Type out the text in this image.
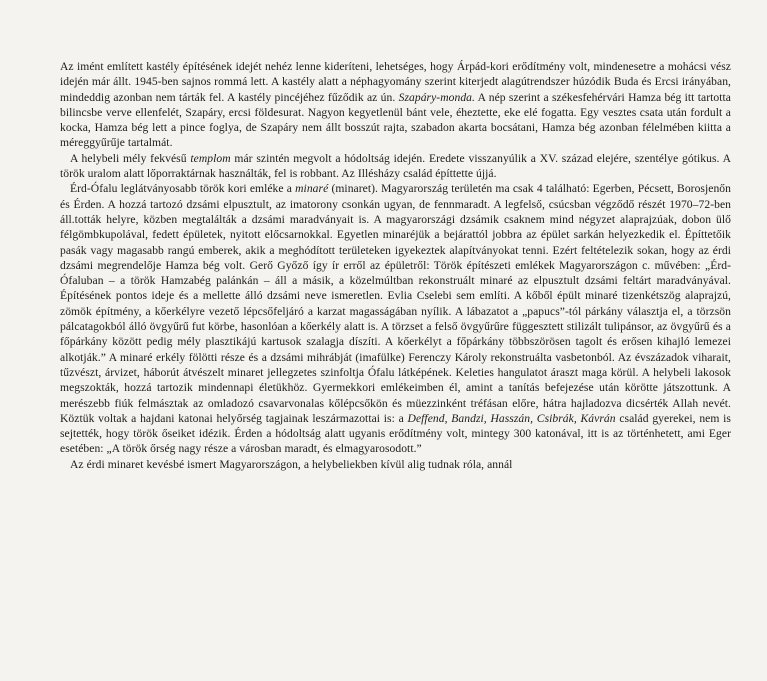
Az imént említett kastély építésének idejét nehéz lenne kideríteni, lehetséges, hogy Árpád-kori erődítmény volt, mindenesetre a mohácsi vész idején már állt. 1945-ben sajnos rommá lett. A kastély alatt a néphagyomány szerint kiterjedt alagútrendszer húzódik Buda és Ercsi irányában, mindeddig azonban nem tárták fel. A kastély pincéjéhez fűződik az ún. Szapáry-monda. A nép szerint a székesfehérvári Hamza bég itt tartotta bilincsbe verve ellenfelét, Szapáry, ercsi földesurat. Nagyon kegyetlenül bánt vele, éheztette, eke elé fogatta. Egy vesztes csata után fordult a kocka, Hamza bég lett a pince foglya, de Szapáry nem állt bosszút rajta, szabadon akarta bocsátani, Hamza bég azonban félelmében kiitta a méreggyűrűje tartalmát.

A helybeli mély fekvésű templom már szintén megvolt a hódoltság idején. Eredete visszanyúlik a XV. század elejére, szentélye gótikus. A török uralom alatt lőporraktárnak használták, fel is robbant. Az Illésházy család építtette újjá.

Érd-Ófalu leglátványosabb török kori emléke a minaré (minaret). Magyarország területén ma csak 4 található: Egerben, Pécsett, Borosjenőn és Érden. A hozzá tartozó dzsámi elpusztult, az imatorony csonkán ugyan, de fennmaradt. A legfelső, csúcsban végződő részét 1970–72-ben áll.tották helyre, közben megtalálták a dzsámi maradványait is. A magyarországi dzsámik csaknem mind négyzet alaprajzúak, dobon ülő félgömbkupolával, fedett épületek, nyitott előcsarnokkal. Egyetlen minaréjük a bejárattól jobbra az épület sarkán helyezkedik el. Építtetőik pasák vagy magasabb rangú emberek, akik a meghódított területeken igyekeztek alapítványokat tenni. Ezért feltételezik sokan, hogy az érdi dzsámi megrendelője Hamza bég volt. Gerő Győző így ír erről az épületről: Török építészeti emlékek Magyarországon c. művében: „Érd-Ófaluban – a török Hamzabég palánkán – áll a másik, a közelmúltban rekonstruált minaré az elpusztult dzsámi feltárt maradványával. Építésének pontos ideje és a mellette álló dzsámi neve ismeretlen. Evlia Cselebi sem említi. A kőből épült minaré tizenkétszög alaprajzú, zömök építmény, a kőerkélyre vezető lépcsőfeljáró a karzat magasságában nyílik. A lábazatot a „papucs”-tól párkány választja el, a törzsön pálcatagokból álló övgyűrű fut körbe, hasonlóan a kőerkély alatt is. A törzset a felső övgyűrűre függesztett stilizált tulipánsor, az övgyűrű és a főpárkány között pedig mély plasztikájú kartusok szalagja díszíti. A kőerkélyt a főpárkány többszörösen tagolt és erősen kihajló lemezei alkotják.” A minaré erkély fölötti része és a dzsámi mihrábját (imafülke) Ferenczy Károly rekonstruálta vasbetonból. Az évszázadok viharait, tűzvészt, árvizet, háborút átvészelt minaret jellegzetes szinfoltja Ófalu látképének. Keleties hangulatot áraszt maga körül. A helybeli lakosok megszokták, hozzá tartozik mindennapi életükhöz. Gyermekkori emlékeimben él, amint a tanítás befejezése után körötte játszottunk. A merészebb fiúk felmásztak az omladozó csavarvonalas kőlépcsőkön és müezzinként tréfásan előre, hátra hajladozva dicsérték Allah nevét. Köztük voltak a hajdani katonai helyőrség tagjainak leszármazottai is: a Deffend, Bandzi, Hasszán, Csibrák, Kávrán család gyerekei, nem is sejtették, hogy török őseiket idézik. Érden a hódoltság alatt ugyanis erődítmény volt, mintegy 300 katonával, itt is az történhetett, ami Eger esetében: „A török őrség nagy része a városban maradt, és elmagyarosodott.”

Az érdi minaret kevésbé ismert Magyarországon, a helybeliekben kívül alig tudnak róla, annál
